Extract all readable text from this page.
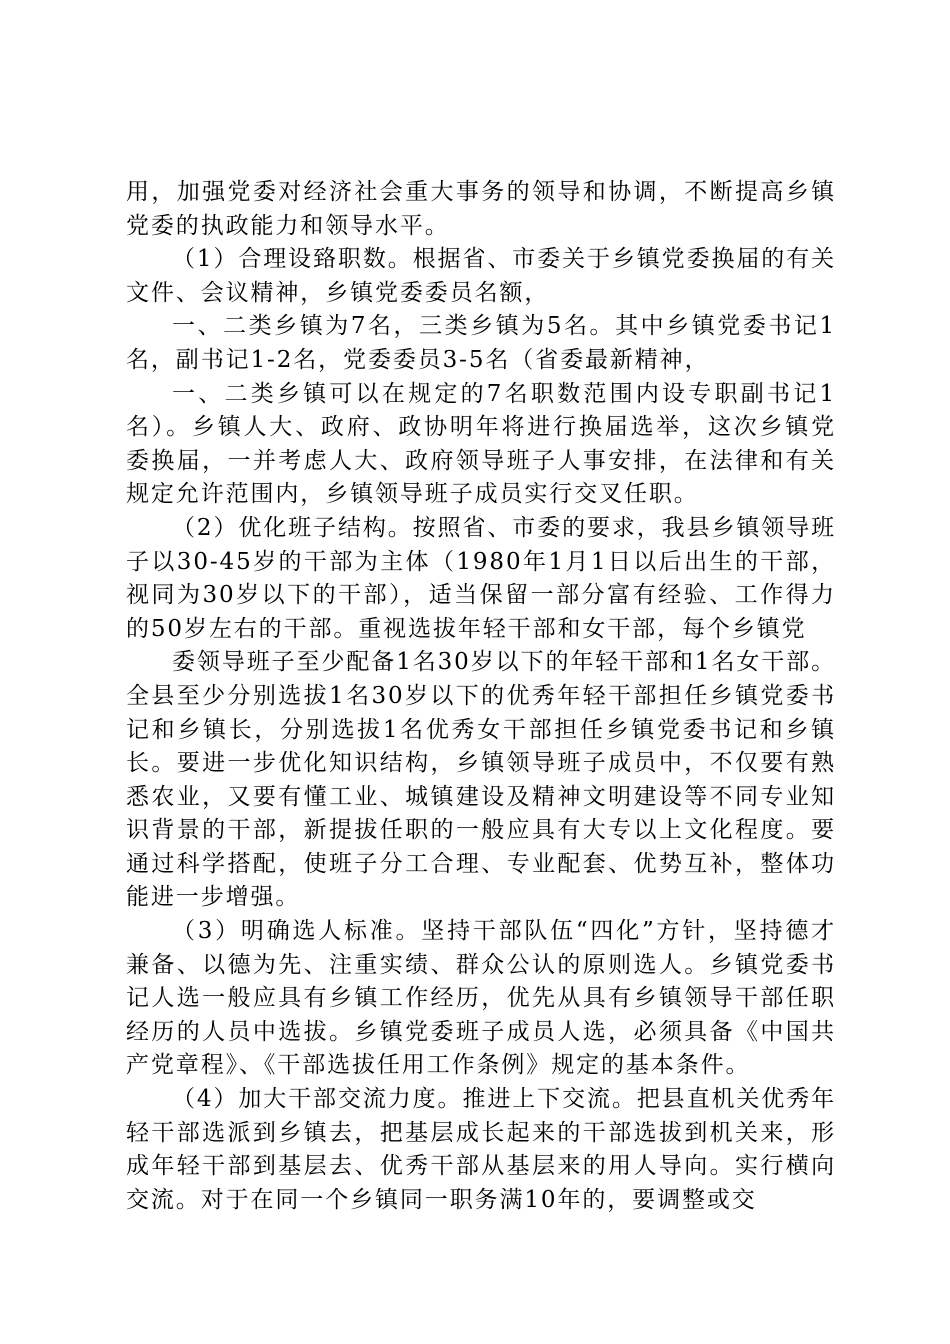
用，加强党委对经济社会重大事务的领导和协调，不断提高乡镇党委的执政能力和领导水平。

（1）合理设臵职数。根据省、市委关于乡镇党委换届的有关文件、会议精神，乡镇党委委员名额，

一、二类乡镇为7名，三类乡镇为5名。其中乡镇党委书记1名，副书记1-2名，党委委员3-5名（省委最新精神，

一、二类乡镇可以在规定的7名职数范围内设专职副书记1名）。乡镇人大、政府、政协明年将进行换届选举，这次乡镇党委换届，一并考虑人大、政府领导班子人事安排，在法律和有关规定允许范围内，乡镇领导班子成员实行交叉任职。

（2）优化班子结构。按照省、市委的要求，我县乡镇领导班子以30-45岁的干部为主体（1980年1月1日以后出生的干部，视同为30岁以下的干部），适当保留一部分富有经验、工作得力的50岁左右的干部。重视选拔年轻干部和女干部，每个乡镇党

委领导班子至少配备1名30岁以下的年轻干部和1名女干部。全县至少分别选拔1名30岁以下的优秀年轻干部担任乡镇党委书记和乡镇长，分别选拔1名优秀女干部担任乡镇党委书记和乡镇长。要进一步优化知识结构，乡镇领导班子成员中，不仅要有熟悉农业，又要有懂工业、城镇建设及精神文明建设等不同专业知识背景的干部，新提拔任职的一般应具有大专以上文化程度。要通过科学搭配，使班子分工合理、专业配套、优势互补，整体功能进一步增强。

（3）明确选人标准。坚持干部队伍“四化”方针，坚持德才兼备、以德为先、注重实绩、群众公认的原则选人。乡镇党委书记人选一般应具有乡镇工作经历，优先从具有乡镇领导干部任职经历的人员中选拔。乡镇党委班子成员人选，必须具备《中国共产党章程》、《干部选拔任用工作条例》规定的基本条件。

（4）加大干部交流力度。推进上下交流。把县直机关优秀年轻干部选派到乡镇去，把基层成长起来的干部选拔到机关来，形成年轻干部到基层去、优秀干部从基层来的用人导向。实行横向交流。对于在同一个乡镇同一职务满10年的，要调整或交
